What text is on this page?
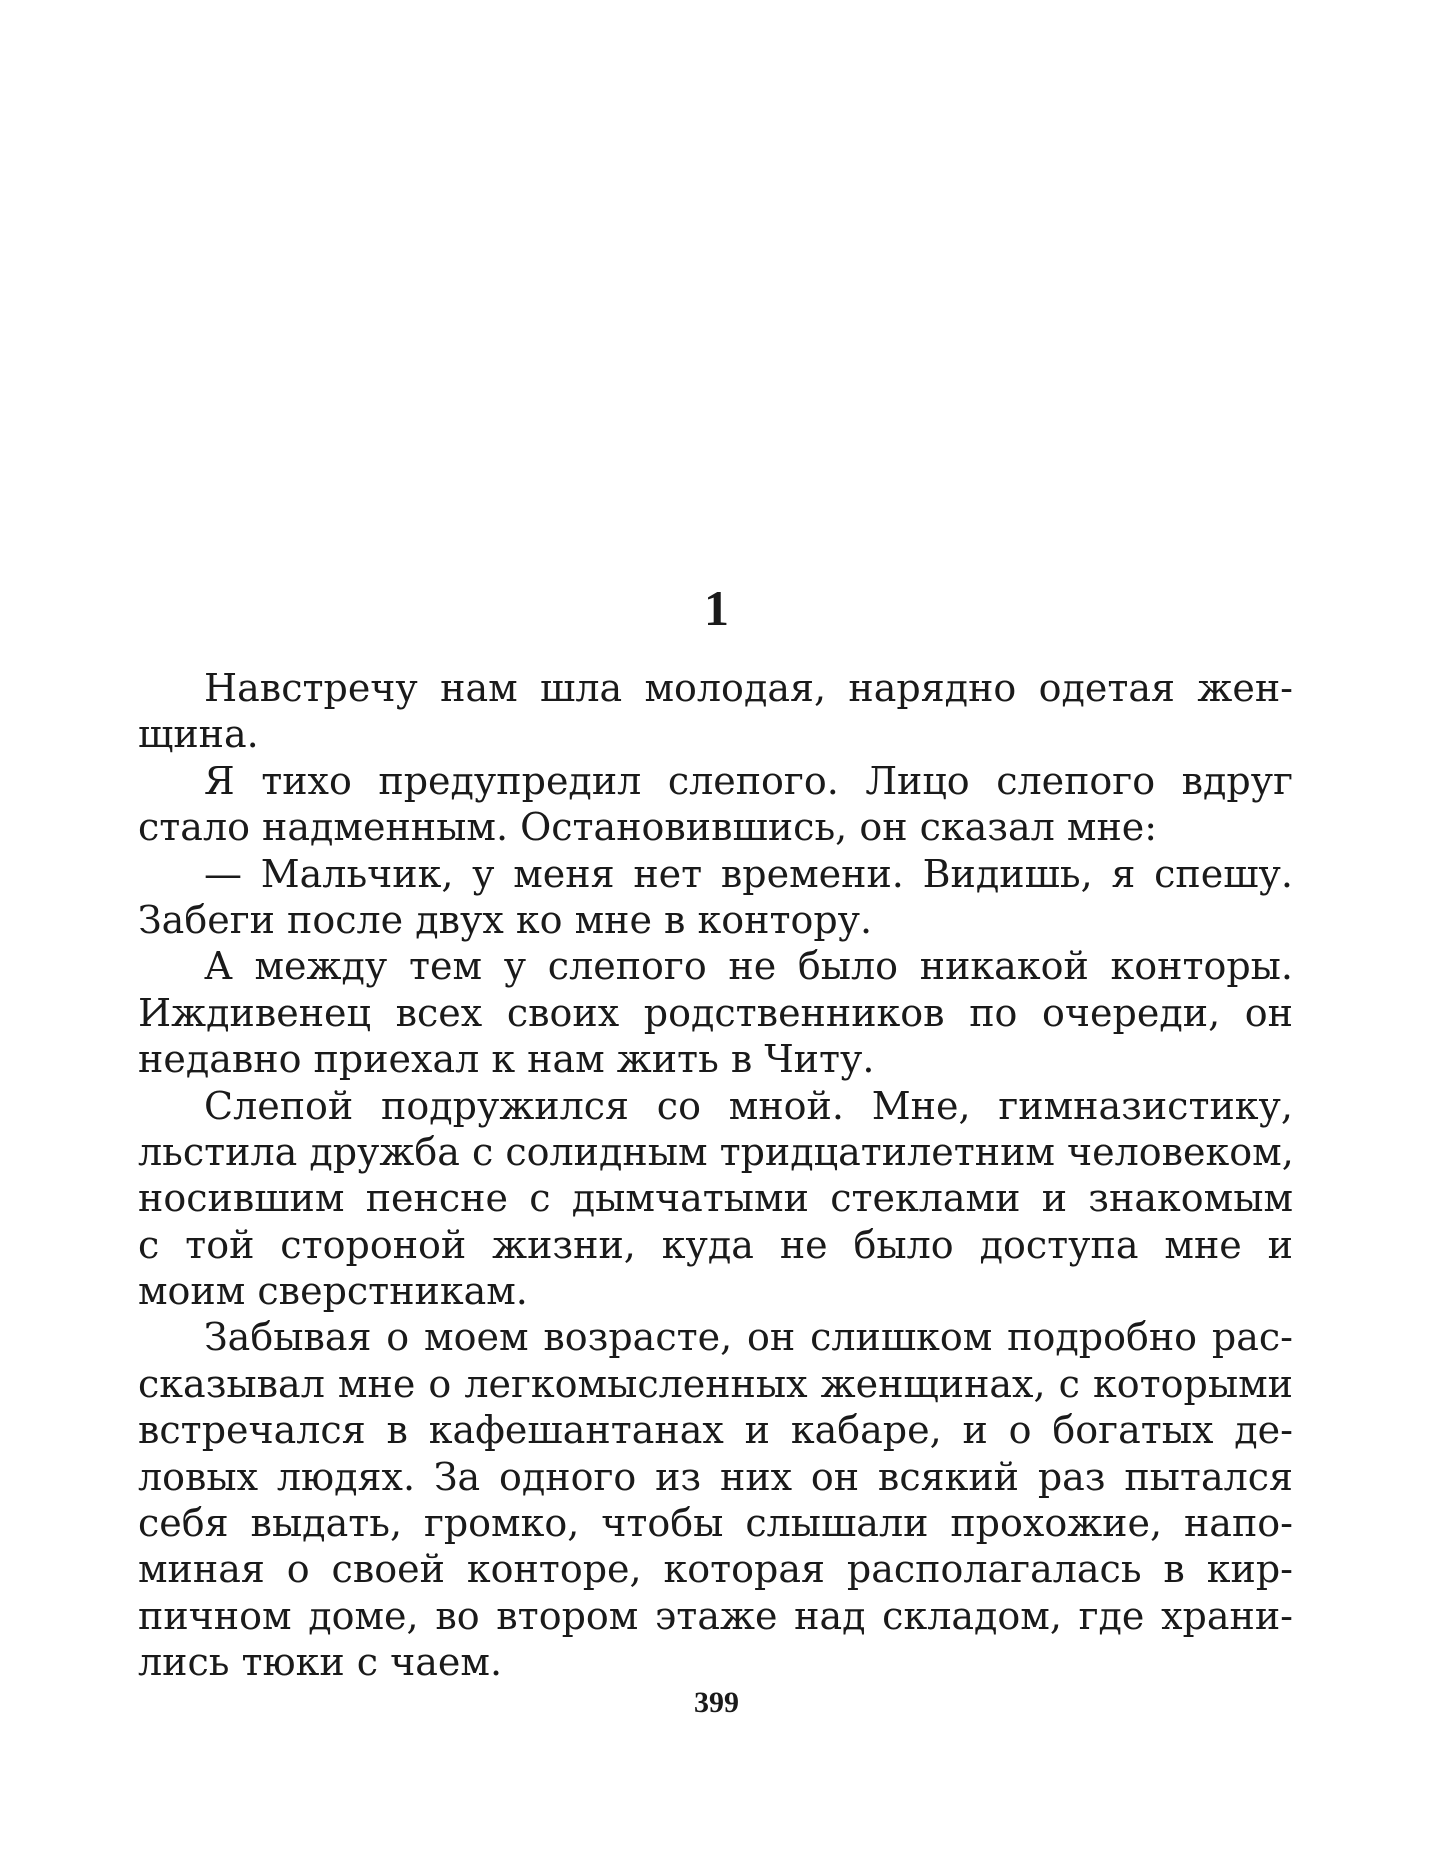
1
Навстречу нам шла молодая, нарядно одетая жен-
щина.
Я тихо предупредил слепого. Лицо слепого вдруг
стало надменным. Остановившись, он сказал мне:
— Мальчик, у меня нет времени. Видишь, я спешу.
Забеги после двух ко мне в контору.
А между тем у слепого не было никакой конторы.
Иждивенец всех своих родственников по очереди, он
недавно приехал к нам жить в Читу.
Слепой подружился со мной. Мне, гимназистику,
льстила дружба с солидным тридцатилетним человеком,
носившим пенсне с дымчатыми стеклами и знакомым
с той стороной жизни, куда не было доступа мне и
моим сверстникам.
Забывая о моем возрасте, он слишком подробно рас-
сказывал мне о легкомысленных женщинах, с которыми
встречался в кафешантанах и кабаре, и о богатых де-
ловых людях. За одного из них он всякий раз пытался
себя выдать, громко, чтобы слышали прохожие, напо-
миная о своей конторе, которая располагалась в кир-
пичном доме, во втором этаже над складом, где храни-
лись тюки с чаем.
399
